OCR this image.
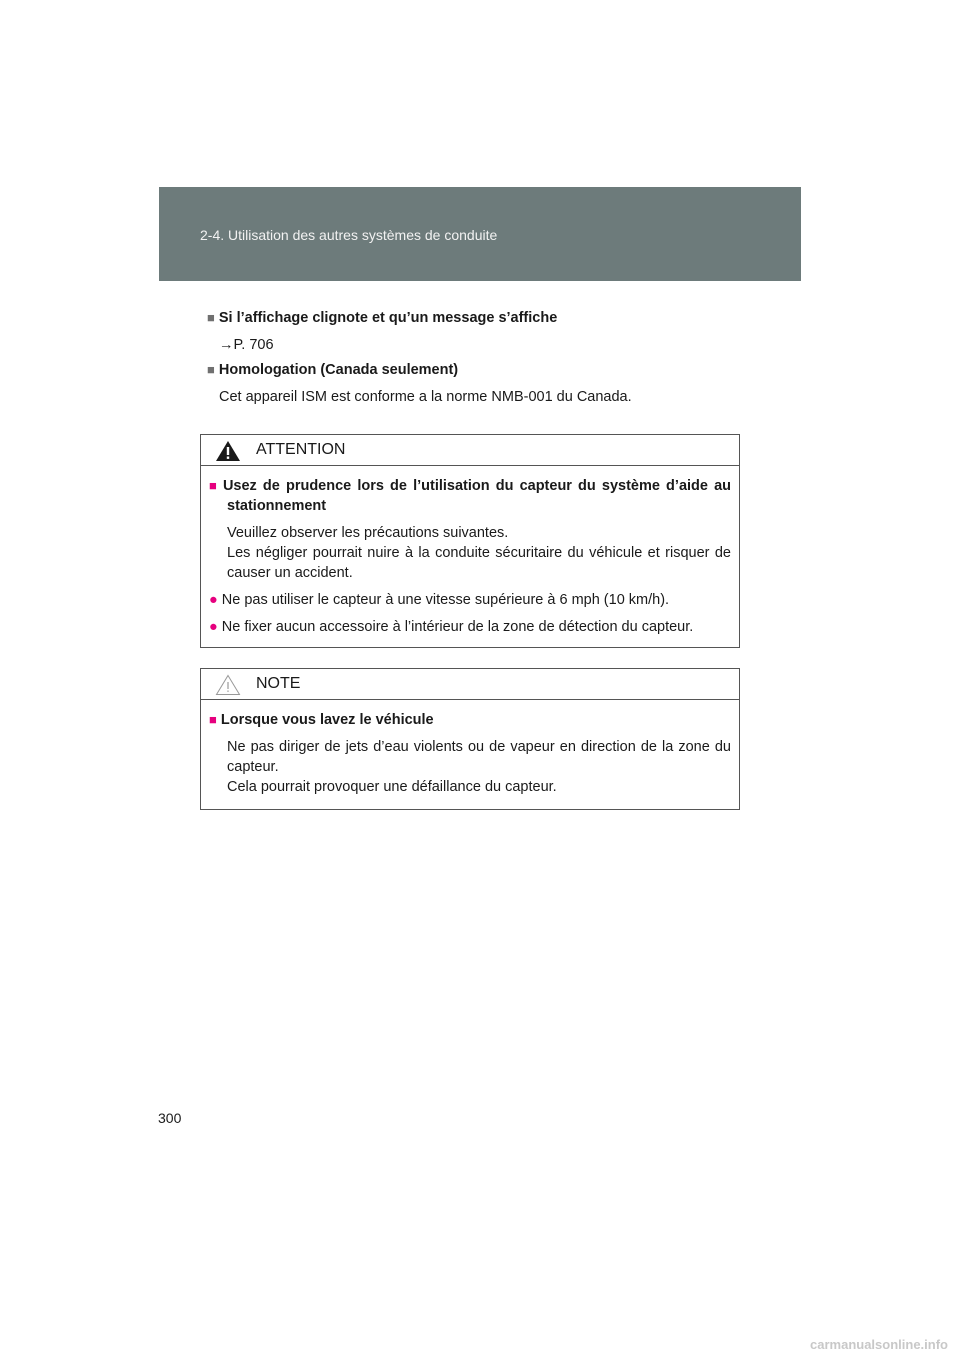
2-4. Utilisation des autres systèmes de conduite
■ Si l’affichage clignote et qu’un message s’affiche
→P. 706
■ Homologation (Canada seulement)
Cet appareil ISM est conforme a la norme NMB-001 du Canada.
ATTENTION
■ Usez de prudence lors de l’utilisation du capteur du système d’aide au stationnement
Veuillez observer les précautions suivantes.
Les négliger pourrait nuire à la conduite sécuritaire du véhicule et risquer de causer un accident.
● Ne pas utiliser le capteur à une vitesse supérieure à 6 mph (10 km/h).
● Ne fixer aucun accessoire à l’intérieur de la zone de détection du capteur.
NOTE
■ Lorsque vous lavez le véhicule
Ne pas diriger de jets d’eau violents ou de vapeur en direction de la zone du capteur.
Cela pourrait provoquer une défaillance du capteur.
300
carmanualsonline.info
